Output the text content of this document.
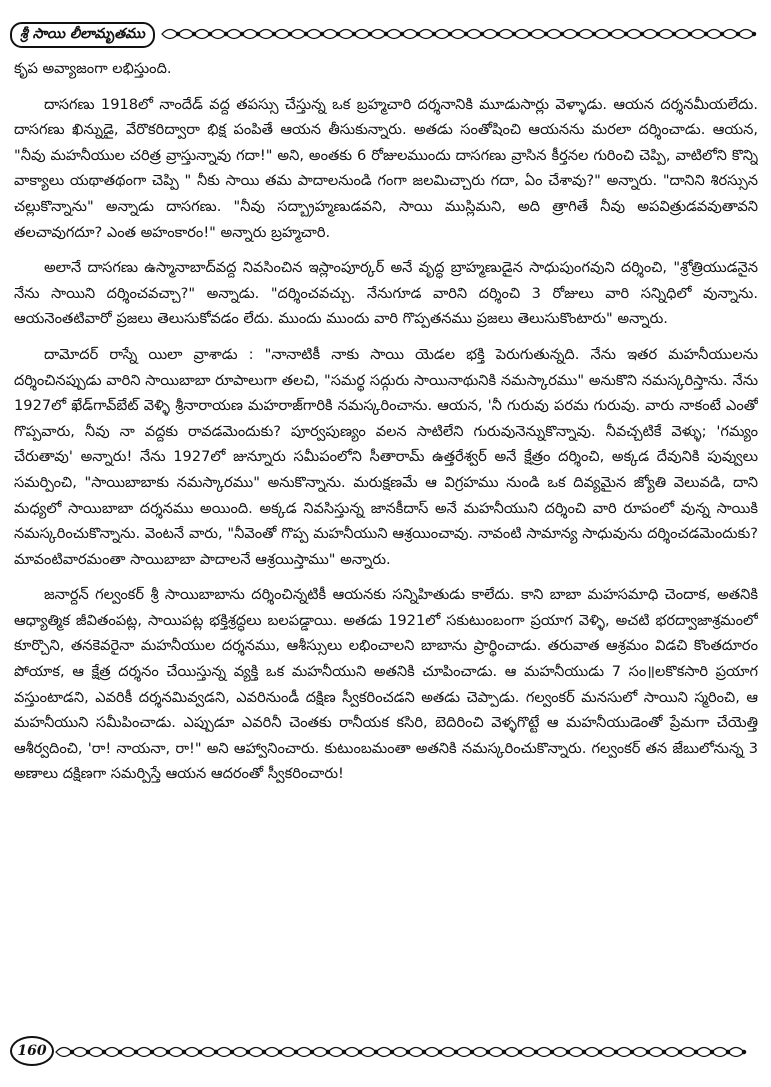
శ్రీ సాయి లీలామృతము

కృప అవ్యాజంగా లభిస్తుంది.

దాసగణు 1918లో నాందేడ్ వద్ద తపస్సు చేస్తున్న ఒక బ్రహ్మచారి దర్శనానికి మూడుసార్లు వెళ్ళాడు. ఆయన దర్శనమీయలేదు. దాసగణు ఖిన్నుడై, వేరొకరిద్వారా భిక్ష పంపితే ఆయన తీసుకున్నారు. అతడు సంతోషించి ఆయనను మరలా దర్శించాడు. ఆయన, "నీవు మహనీయుల చరిత్ర వ్రాస్తున్నావు గదా!" అని, అంతకు 6 రోజులముందు దాసగణు వ్రాసిన కీర్తనల గురించి చెప్పి, వాటిలోని కొన్ని వాక్యాలు యథాతథంగా చెప్పి " నీకు సాయి తమ పాదాలనుండి గంగా జలమిచ్చారు గదా, ఏం చేశావు?" అన్నారు. "దానిని శిరస్సున చల్లుకొన్నాను" అన్నాడు దాసగణు. "నీవు సద్బ్రాహ్మణుడవని, సాయి ముస్లిమని, అది త్రాగితే నీవు అపవిత్రుడవవుతావని తలచావుగదూ? ఎంత అహంకారం!" అన్నారు బ్రహ్మచారి.

అలానే దాసగణు ఉస్మానాబాద్‌వద్ద నివసించిన ఇస్లాంపూర్కర్ అనే వృద్ధ బ్రాహ్మణుడైన సాధుపుంగవుని దర్శించి, "శ్రోత్రియుడనైన నేను సాయిని దర్శించవచ్చా?" అన్నాడు. "దర్శించవచ్చు. నేనుగూడ వారిని దర్శించి 3 రోజులు వారి సన్నిధిలో వున్నాను. ఆయనెంతటివారో ప్రజలు తెలుసుకోవడం లేదు. ముందు ముందు వారి గొప్పతనము ప్రజలు తెలుసుకొంటారు" అన్నారు.

దామోదర్ రాస్నే యిలా వ్రాశాడు : "నానాటికీ నాకు సాయి యెడల భక్తి పెరుగుతున్నది. నేను ఇతర మహనీయులను దర్శించినప్పుడు వారిని సాయిబాబా రూపాలుగా తలచి, "సమర్థ సద్గురు సాయినాథునికి నమస్కారము" అనుకొని నమస్కరిస్తాను. నేను 1927లో ఖేడ్‌గావ్‌బేట్ వెళ్ళి శ్రీనారాయణ మహరాజ్‌గారికి నమస్కరించాను. ఆయన, 'నీ గురువు పరమ గురువు. వారు నాకంటే ఎంతో గొప్పవారు, నీవు నా వద్దకు రావడమెందుకు? పూర్వపుణ్యం వలన సాటిలేని గురువునెన్నుకొన్నావు. నీవచ్చటికే వెళ్ళు; 'గమ్యం చేరుతావు' అన్నారు! నేను 1927లో జున్నూరు సమీపంలోని సీతారామ్ ఉత్తరేశ్వర్ అనే క్షేత్రం దర్శించి, అక్కడ దేవునికి పువ్వులు సమర్పించి, "సాయిబాబాకు నమస్కారము" అనుకొన్నాను. మరుక్షణమే ఆ విగ్రహము నుండి ఒక దివ్యమైన జ్యోతి వెలువడి, దాని మధ్యలో సాయిబాబా దర్శనము అయింది. అక్కడ నివసిస్తున్న జానకీదాస్ అనే మహనీయుని దర్శించి వారి రూపంలో వున్న సాయికి నమస్కరించుకొన్నాను. వెంటనే వారు, "నీవెంతో గొప్ప మహనీయుని ఆశ్రయించావు. నావంటి సామాన్య సాధువును దర్శించడమెందుకు? మావంటివారమంతా సాయిబాబా పాదాలనే ఆశ్రయిస్తాము" అన్నారు.

జనార్దన్ గల్వంకర్ శ్రీ సాయిబాబాను దర్శించిన్నటికీ ఆయనకు సన్నిహితుడు కాలేదు. కాని బాబా మహసమాధి చెందాక, అతనికి ఆధ్యాత్మిక జీవితంపట్ల, సాయిపట్ల భక్తిశ్రద్ధలు బలపడ్డాయి. అతడు 1921లో సకుటుంబంగా ప్రయాగ వెళ్ళి, అచటి భరద్వాజాశ్రమంలో కూర్చొని, తనకెవరైనా మహనీయుల దర్శనము, ఆశీస్సులు లభించాలని బాబాను ప్రార్థించాడు. తరువాత ఆశ్రమం విడచి కొంతదూరం పోయాక, ఆ క్షేత్ర దర్శనం చేయిస్తున్న వ్యక్తి ఒక మహనీయుని అతనికి చూపించాడు. ఆ మహనీయుడు 7 సం॥లకొకసారి ప్రయాగ వస్తుంటాడని, ఎవరికీ దర్శనమివ్వడని, ఎవరినుండీ దక్షిణ స్వీకరించడని అతడు చెప్పాడు. గల్వంకర్ మనసులో సాయిని స్మరించి, ఆ మహనీయుని సమీపించాడు. ఎప్పుడూ ఎవరినీ చెంతకు రానీయక కసిరి, బెదిరించి వెళ్ళగొట్టే ఆ మహనీయుడెంతో ప్రేమగా చేయెత్తి ఆశీర్వదించి, 'రా! నాయనా, రా!" అని ఆహ్వానించారు. కుటుంబమంతా అతనికి నమస్కరించుకొన్నారు. గల్వంకర్ తన జేబులోనున్న 3 అణాలు దక్షిణగా సమర్పిస్తే ఆయన ఆదరంతో స్వీకరించారు!

160
